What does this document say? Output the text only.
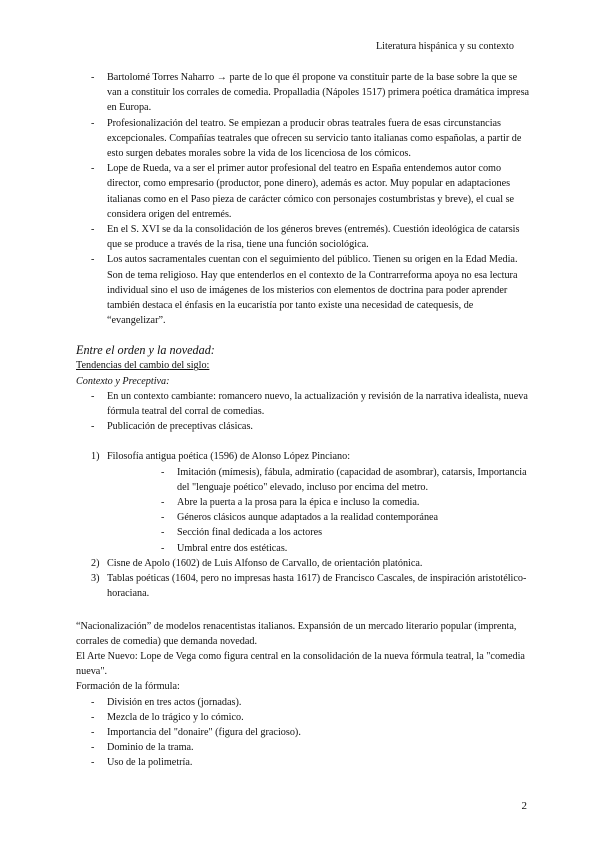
Literatura hispánica y su contexto
- Bartolomé Torres Naharro → parte de lo que él propone va constituir parte de la base sobre la que se van a constituir los corrales de comedia. Propalladia (Nápoles 1517) primera poética dramática impresa en Europa.
- Profesionalización del teatro. Se empiezan a producir obras teatrales fuera de esas circunstancias excepcionales. Compañías teatrales que ofrecen su servicio tanto italianas como españolas, a partir de esto surgen debates morales sobre la vida de los licenciosa de los cómicos.
- Lope de Rueda, va a ser el primer autor profesional del teatro en España entendemos autor como director, como empresario (productor, pone dinero), además es actor. Muy popular en adaptaciones italianas como en el Paso pieza de carácter cómico con personajes costumbristas y breve), el cual se considera origen del entremés.
- En el S. XVI se da la consolidación de los géneros breves (entremés). Cuestión ideológica de catarsis que se produce a través de la risa, tiene una función sociológica.
- Los autos sacramentales cuentan con el seguimiento del público. Tienen su origen en la Edad Media. Son de tema religioso. Hay que entenderlos en el contexto de la Contrarreforma apoya no esa lectura individual sino el uso de imágenes de los misterios con elementos de doctrina para poder aprender también destaca el énfasis en la eucaristía por tanto existe una necesidad de catequesis, de “evangelizar”.
Entre el orden y la novedad:
Tendencias del cambio del siglo:
Contexto y Preceptiva:
- En un contexto cambiante: romancero nuevo, la actualización y revisión de la narrativa idealista, nueva fórmula teatral del corral de comedias.
- Publicación de preceptivas clásicas.
1) Filosofía antigua poética (1596) de Alonso López Pinciano:
- Imitación (mímesis), fábula, admiratio (capacidad de asombrar), catarsis, Importancia del "lenguaje poético" elevado, incluso por encima del metro.
- Abre la puerta a la prosa para la épica e incluso la comedia.
- Géneros clásicos aunque adaptados a la realidad contemporánea
- Sección final dedicada a los actores
- Umbral entre dos estéticas.
2) Cisne de Apolo (1602) de Luis Alfonso de Carvallo, de orientación platónica.
3) Tablas poéticas (1604, pero no impresas hasta 1617) de Francisco Cascales, de inspiración aristotélico-horaciana.
“Nacionalización” de modelos renacentistas italianos. Expansión de un mercado literario popular (imprenta, corrales de comedia) que demanda novedad.
El Arte Nuevo: Lope de Vega como figura central en la consolidación de la nueva fórmula teatral, la "comedia nueva".
Formación de la fórmula:
- División en tres actos (jornadas).
- Mezcla de lo trágico y lo cómico.
- Importancia del "donaire" (figura del gracioso).
- Dominio de la trama.
- Uso de la polimetría.
2
